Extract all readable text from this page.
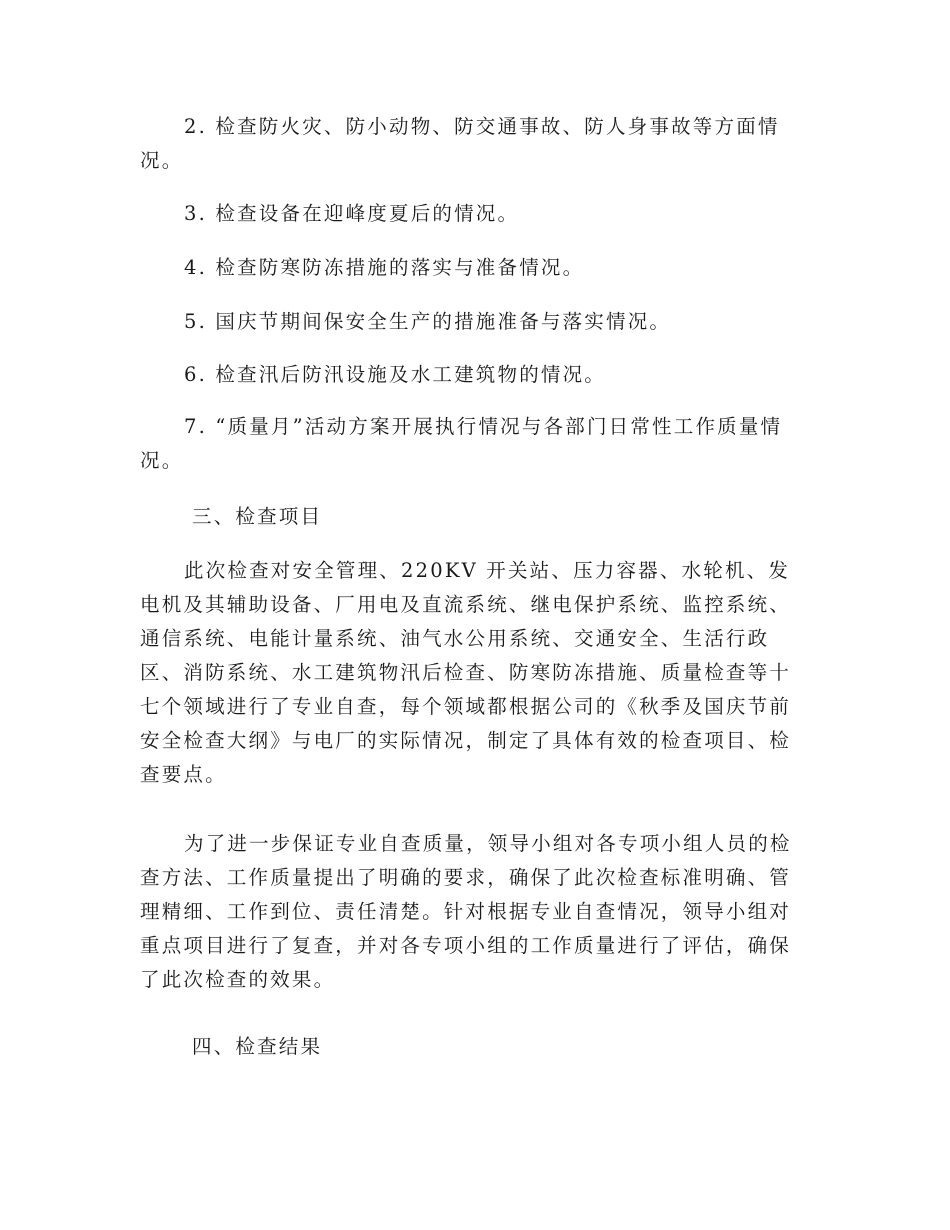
2. 检查防火灾、防小动物、防交通事故、防人身事故等方面情况。

3. 检查设备在迎峰度夏后的情况。

4. 检查防寒防冻措施的落实与准备情况。

5. 国庆节期间保安全生产的措施准备与落实情况。

6. 检查汛后防汛设施及水工建筑物的情况。

7. “质量月”活动方案开展执行情况与各部门日常性工作质量情况。

三、检查项目

此次检查对安全管理、220KV 开关站、压力容器、水轮机、发电机及其辅助设备、厂用电及直流系统、继电保护系统、监控系统、通信系统、电能计量系统、油气水公用系统、交通安全、生活行政区、消防系统、水工建筑物汛后检查、防寒防冻措施、质量检查等十七个领域进行了专业自查，每个领域都根据公司的《秋季及国庆节前安全检查大纲》与电厂的实际情况，制定了具体有效的检查项目、检查要点。

为了进一步保证专业自查质量，领导小组对各专项小组人员的检查方法、工作质量提出了明确的要求，确保了此次检查标准明确、管理精细、工作到位、责任清楚。针对根据专业自查情况，领导小组对重点项目进行了复查，并对各专项小组的工作质量进行了评估，确保了此次检查的效果。

四、检查结果
